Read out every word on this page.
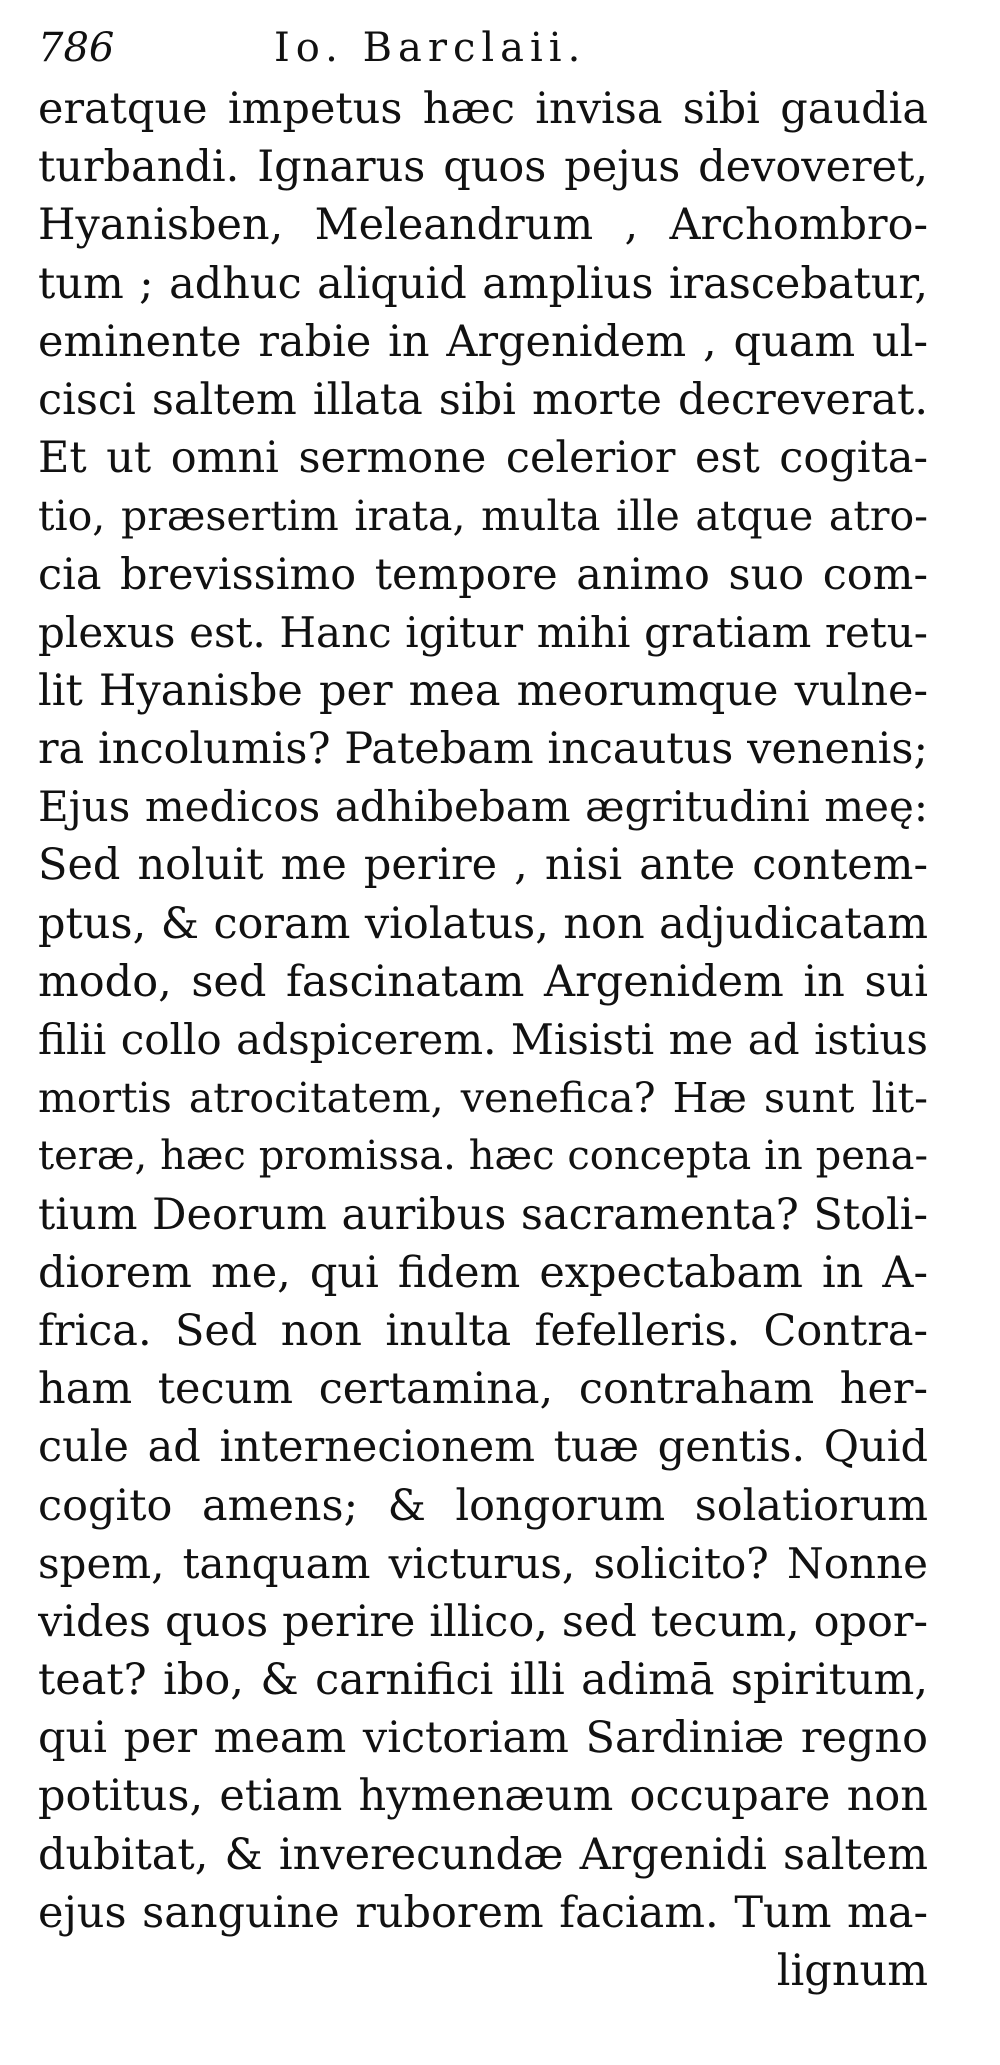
786	Io. Barclaii.
eratque impetus hæc invisa sibi gaudia
turbandi. Ignarus quos pejus devoveret,
Hyanisben, Meleandrum , Archombro-
tum ; adhuc aliquid amplius irascebatur,
eminente rabie in Argenidem , quam ul-
cisci saltem illata sibi morte decreverat.
Et ut omni sermone celerior est cogita-
tio, præsertim irata, multa ille atque atro-
cia brevissimo tempore animo suo com-
plexus est. Hanc igitur mihi gratiam retu-
lit Hyanisbe per mea meorumque vulne-
ra incolumis? Patebam incautus venenis;
Ejus medicos adhibebam ægritudini meę:
Sed noluit me perire , nisi ante contem-
ptus, & coram violatus, non adjudicatam
modo, sed fascinatam Argenidem in sui
filii collo adspicerem. Misisti me ad istius
mortis atrocitatem, venefica? Hæ sunt lit-
teræ, hæc promissa. hæc concepta in pena-
tium Deorum auribus sacramenta? Stoli-
diorem me, qui fidem expectabam in A-
frica. Sed non inulta fefelleris. Contra-
ham tecum certamina, contraham her-
cule ad internecionem tuæ gentis. Quid
cogito amens; & longorum solatiorum
spem, tanquam victurus, solicito? Nonne
vides quos perire illico, sed tecum, opor-
teat? ibo, & carnifici illi adimā spiritum,
qui per meam victoriam Sardiniæ regno
potitus, etiam hymenæum occupare non
dubitat, & inverecundæ Argenidi saltem
ejus sanguine ruborem faciam. Tum ma-
lignum
